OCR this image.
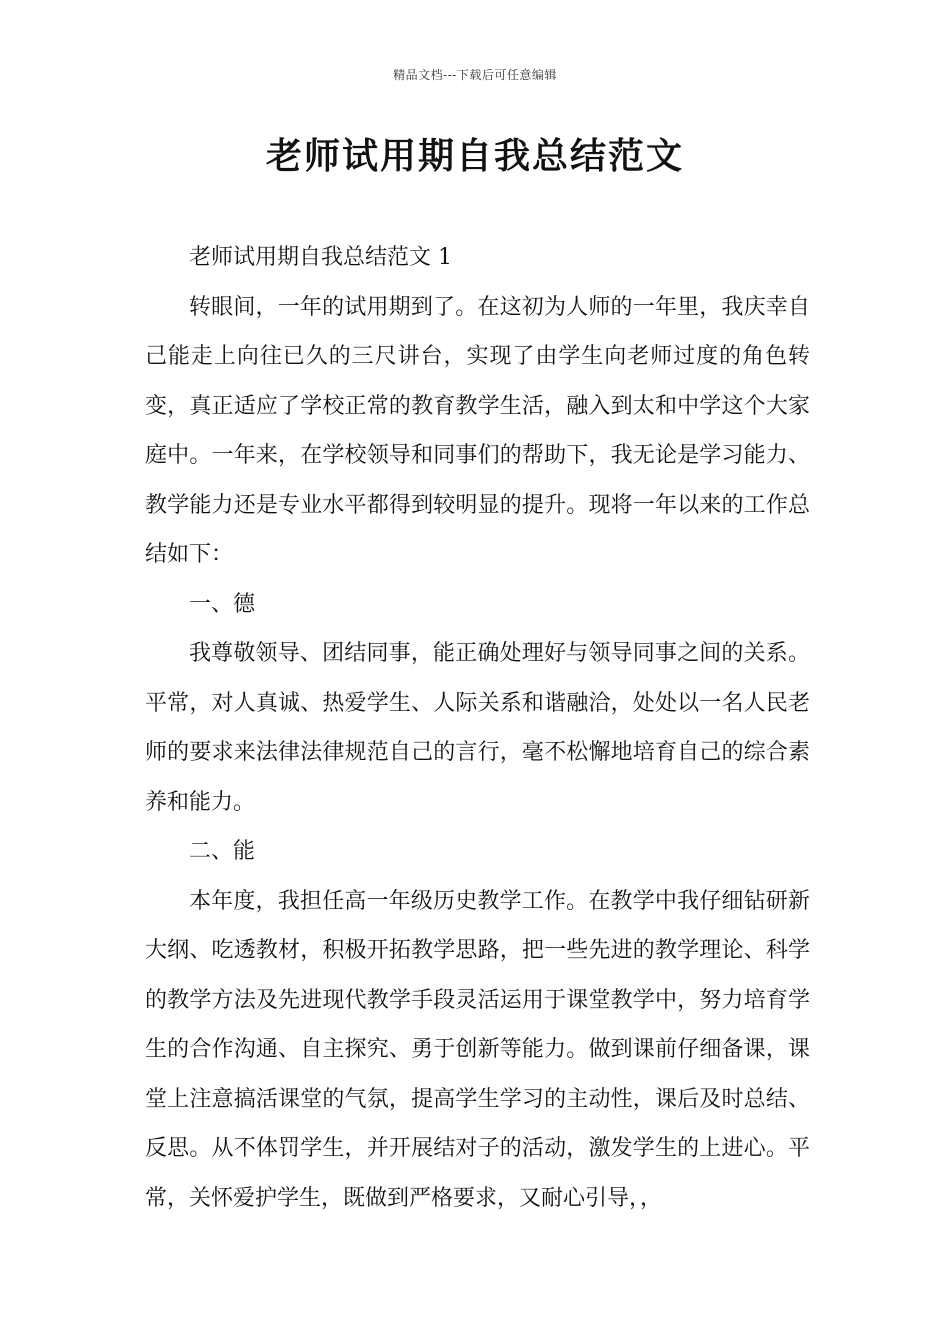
精品文档---下载后可任意编辑
老师试用期自我总结范文

老师试用期自我总结范文 1

转眼间，一年的试用期到了。在这初为人师的一年里，我庆幸自己能走上向往已久的三尺讲台，实现了由学生向老师过度的角色转变，真正适应了学校正常的教育教学生活，融入到太和中学这个大家庭中。一年来，在学校领导和同事们的帮助下，我无论是学习能力、教学能力还是专业水平都得到较明显的提升。现将一年以来的工作总结如下：

一、德

我尊敬领导、团结同事，能正确处理好与领导同事之间的关系。平常，对人真诚、热爱学生、人际关系和谐融洽，处处以一名人民老师的要求来法律法律规范自己的言行，毫不松懈地培育自己的综合素养和能力。

二、能

本年度，我担任高一年级历史教学工作。在教学中我仔细钻研新大纲、吃透教材，积极开拓教学思路，把一些先进的教学理论、科学的教学方法及先进现代教学手段灵活运用于课堂教学中，努力培育学生的合作沟通、自主探究、勇于创新等能力。做到课前仔细备课，课堂上注意搞活课堂的气氛，提高学生学习的主动性，课后及时总结、反思。从不体罚学生，并开展结对子的活动，激发学生的上进心。平常，关怀爱护学生，既做到严格要求，又耐心引导，，
